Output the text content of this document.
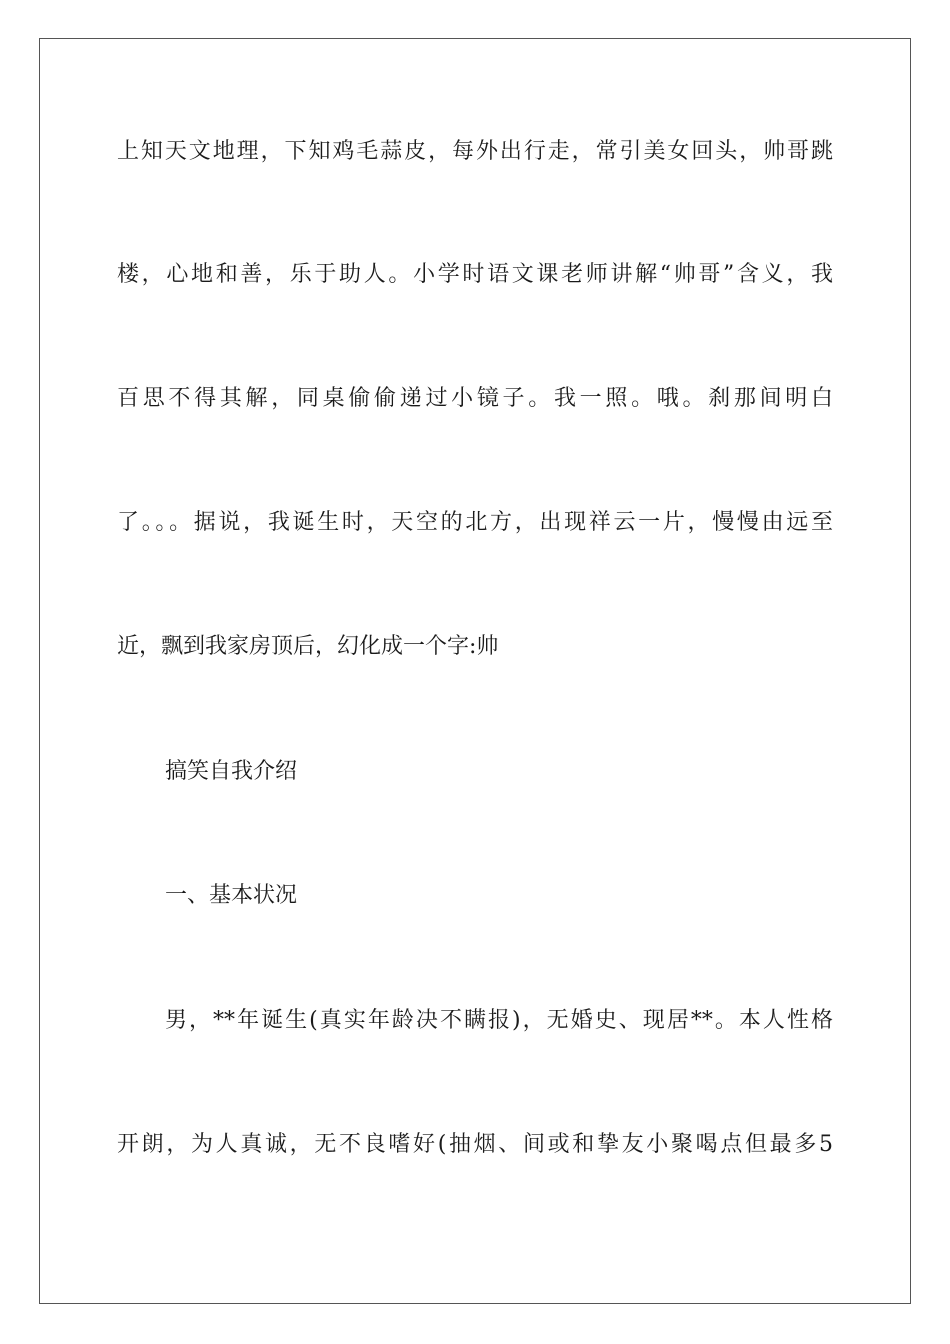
上知天文地理，下知鸡毛蒜皮，每外出行走，常引美女回头，帅哥跳
楼，心地和善，乐于助人。小学时语文课老师讲解“帅哥”含义，我
百思不得其解，同桌偷偷递过小镜子。我一照。哦。刹那间明白
了。。。据说，我诞生时，天空的北方，出现祥云一片，慢慢由远至
近，飘到我家房顶后，幻化成一个字:帅
搞笑自我介绍
一、基本状况
男，**年诞生(真实年龄决不瞒报)，无婚史、现居**。本人性格
开朗，为人真诚，无不良嗜好(抽烟、间或和挚友小聚喝点但最多5
